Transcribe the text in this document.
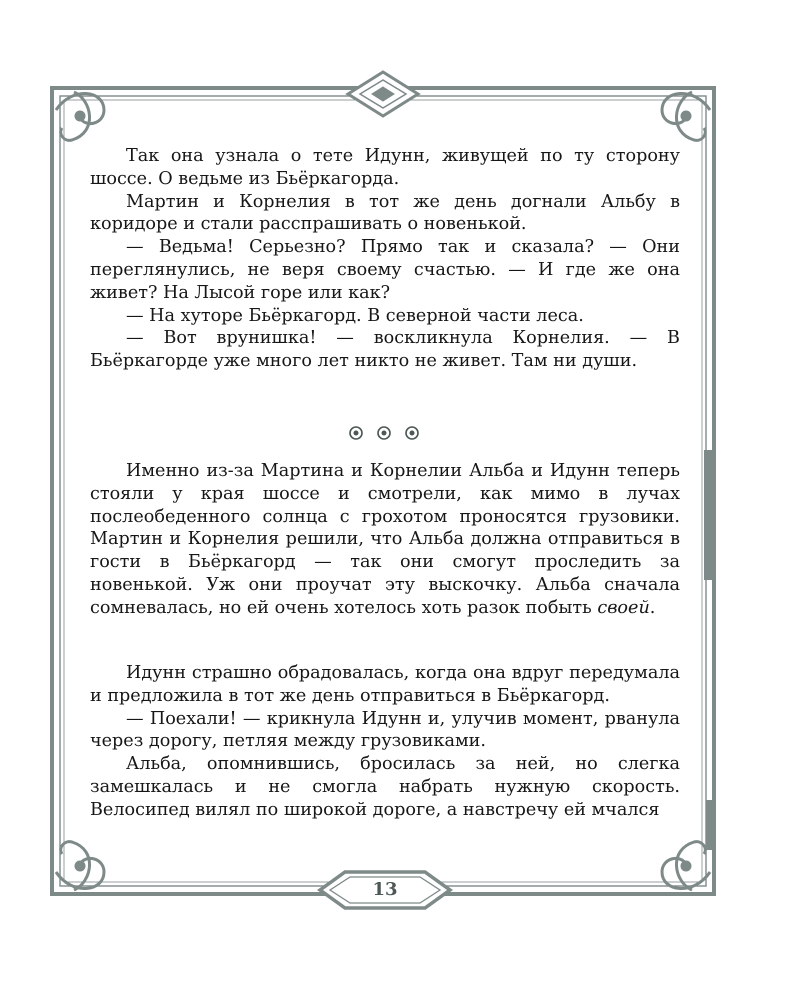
Так она узнала о тете Идунн, живущей по ту сторону шоссе. О ведьме из Бьёркагорда.

Мартин и Корнелия в тот же день догнали Альбу в коридоре и стали расспрашивать о новенькой.

— Ведьма! Серьезно? Прямо так и сказала? — Они переглянулись, не веря своему счастью. — И где же она живет? На Лысой горе или как?

— На хуторе Бьёркагорд. В северной части леса.

— Вот врунишка! — воскликнула Корнелия. — В Бьёркагорде уже много лет никто не живет. Там ни души.

Именно из-за Мартина и Корнелии Альба и Идунн теперь стояли у края шоссе и смотрели, как мимо в лучах послеобеденного солнца с грохотом проносятся грузовики. Мартин и Корнелия решили, что Альба должна отправиться в гости в Бьёркагорд — так они смогут проследить за новенькой. Уж они проучат эту выскочку. Альба сначала сомневалась, но ей очень хотелось хоть разок побыть своей.

Идунн страшно обрадовалась, когда она вдруг передумала и предложила в тот же день отправиться в Бьёркагорд.

— Поехали! — крикнула Идунн и, улучив момент, рванула через дорогу, петляя между грузовиками.

Альба, опомнившись, бросилась за ней, но слегка замешкалась и не смогла набрать нужную скорость. Велосипед вилял по широкой дороге, а навстречу ей мчался

13
